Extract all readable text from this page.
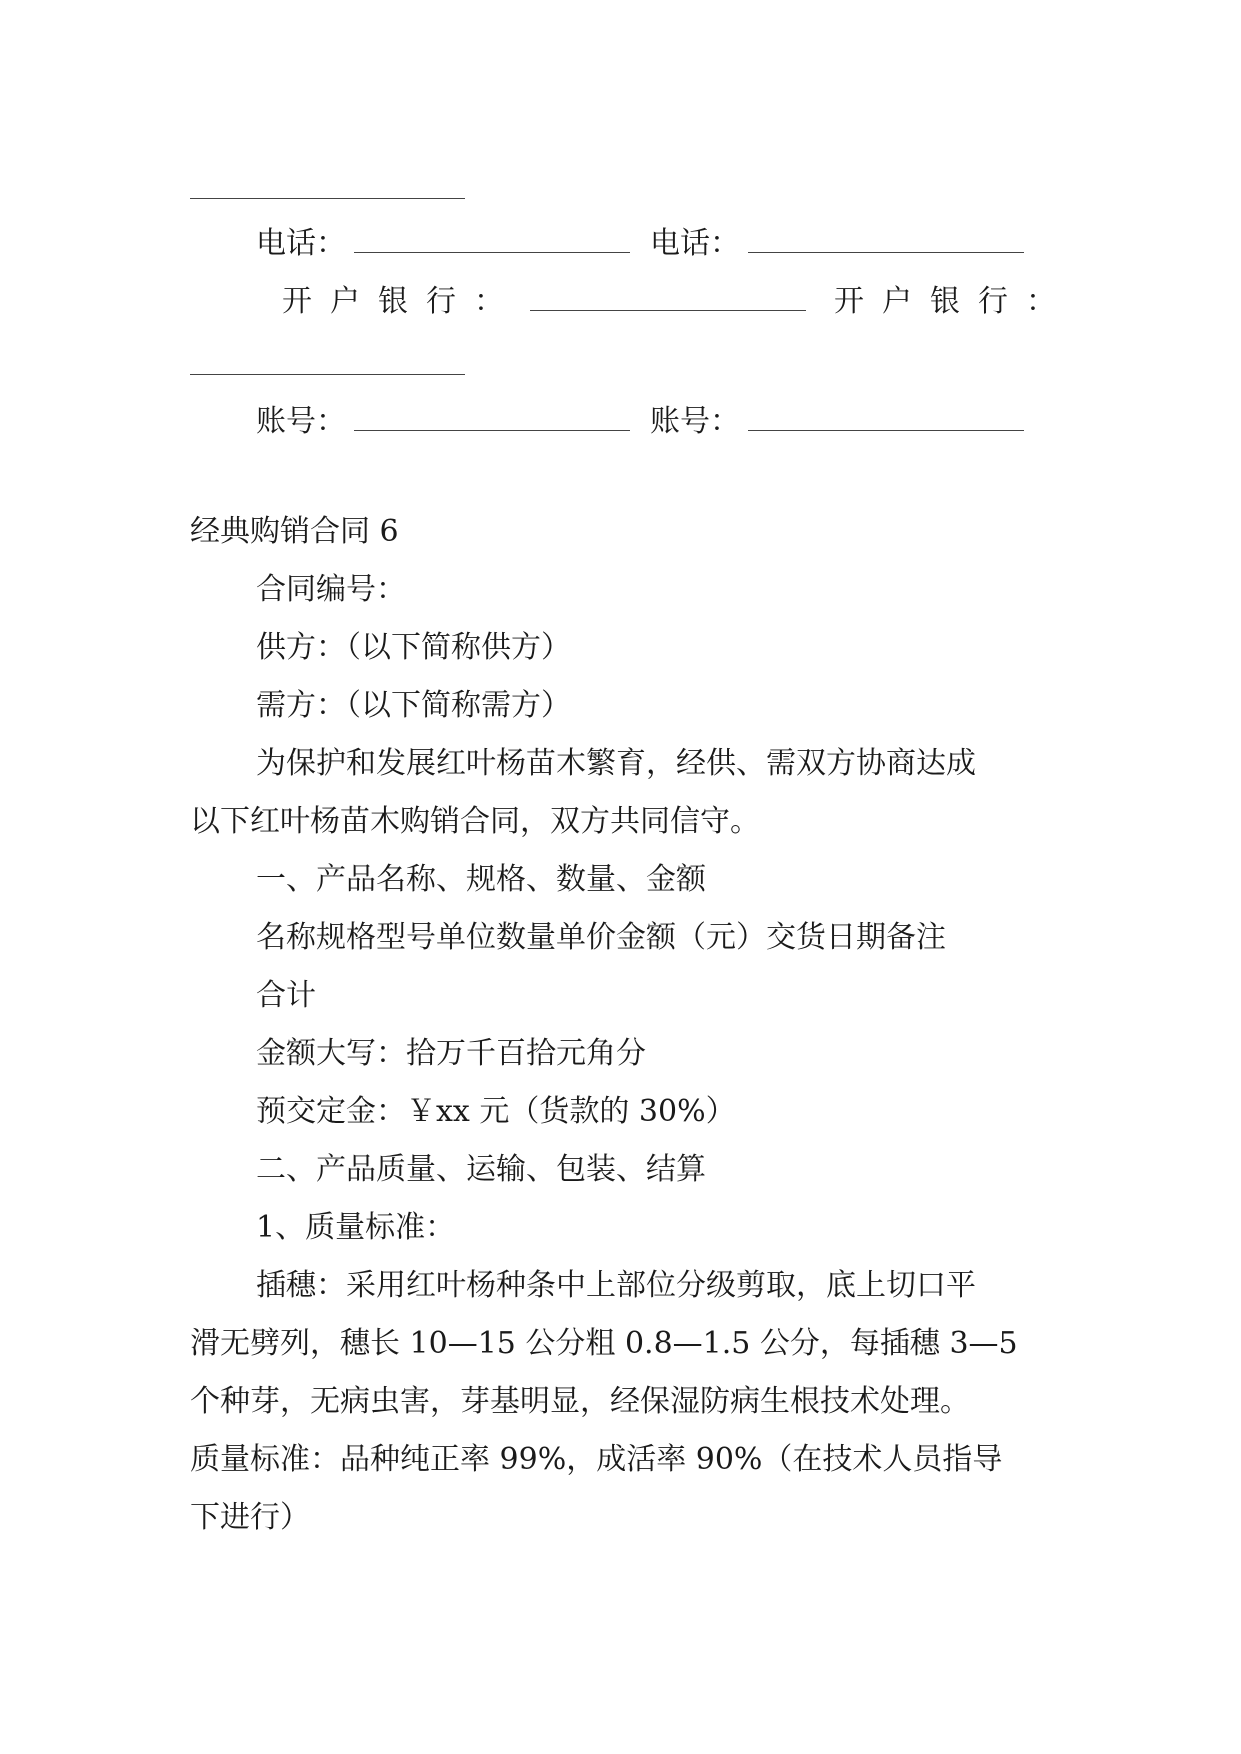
电话：	电话：
开户银行：	开户银行：
账号：	账号：
经典购销合同 6
合同编号：
供方：（以下简称供方）
需方：（以下简称需方）
为保护和发展红叶杨苗木繁育，经供、需双方协商达成
以下红叶杨苗木购销合同，双方共同信守。
一、产品名称、规格、数量、金额
名称规格型号单位数量单价金额（元）交货日期备注
合计
金额大写：拾万千百拾元角分
预交定金：￥xx 元（货款的 30%）
二、产品质量、运输、包装、结算
1、质量标准：
插穗：采用红叶杨种条中上部位分级剪取，底上切口平
滑无劈列，穗长 10—15 公分粗 0.8—1.5 公分，每插穗 3—5
个种芽，无病虫害，芽基明显，经保湿防病生根技术处理。
质量标准：品种纯正率 99%，成活率 90%（在技术人员指导
下进行）
